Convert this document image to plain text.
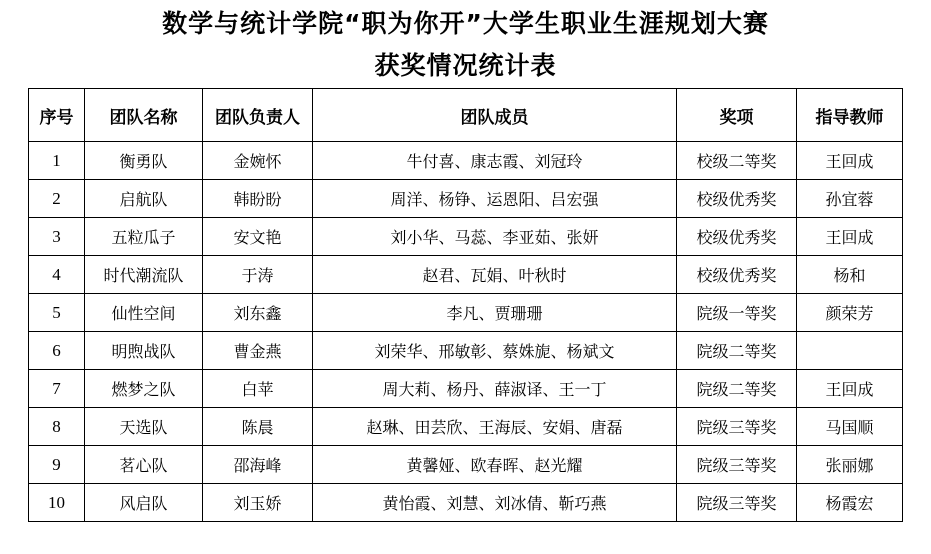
数学与统计学院“职为你开”大学生职业生涯规划大赛
获奖情况统计表
序号	团队名称	团队负责人	团队成员	奖项	指导教师
1	衡勇队	金婉怀	牛付喜、康志霞、刘冠玲	校级二等奖	王回成
2	启航队	韩盼盼	周洋、杨铮、运恩阳、吕宏强	校级优秀奖	孙宜蓉
3	五粒瓜子	安文艳	刘小华、马蕊、李亚茹、张妍	校级优秀奖	王回成
4	时代潮流队	于涛	赵君、瓦娟、叶秋时	校级优秀奖	杨和
5	仙性空间	刘东鑫	李凡、贾珊珊	院级一等奖	颜荣芳
6	明煦战队	曹金燕	刘荣华、邢敏彰、蔡姝旎、杨斌文	院级二等奖	
7	燃梦之队	白苹	周大莉、杨丹、薛淑译、王一丁	院级二等奖	王回成
8	天选队	陈晨	赵琳、田芸欣、王海辰、安娟、唐磊	院级三等奖	马国顺
9	茗心队	邵海峰	黄馨娅、欧春晖、赵光耀	院级三等奖	张丽娜
10	风启队	刘玉娇	黄怡霞、刘慧、刘冰倩、靳巧燕	院级三等奖	杨霞宏
